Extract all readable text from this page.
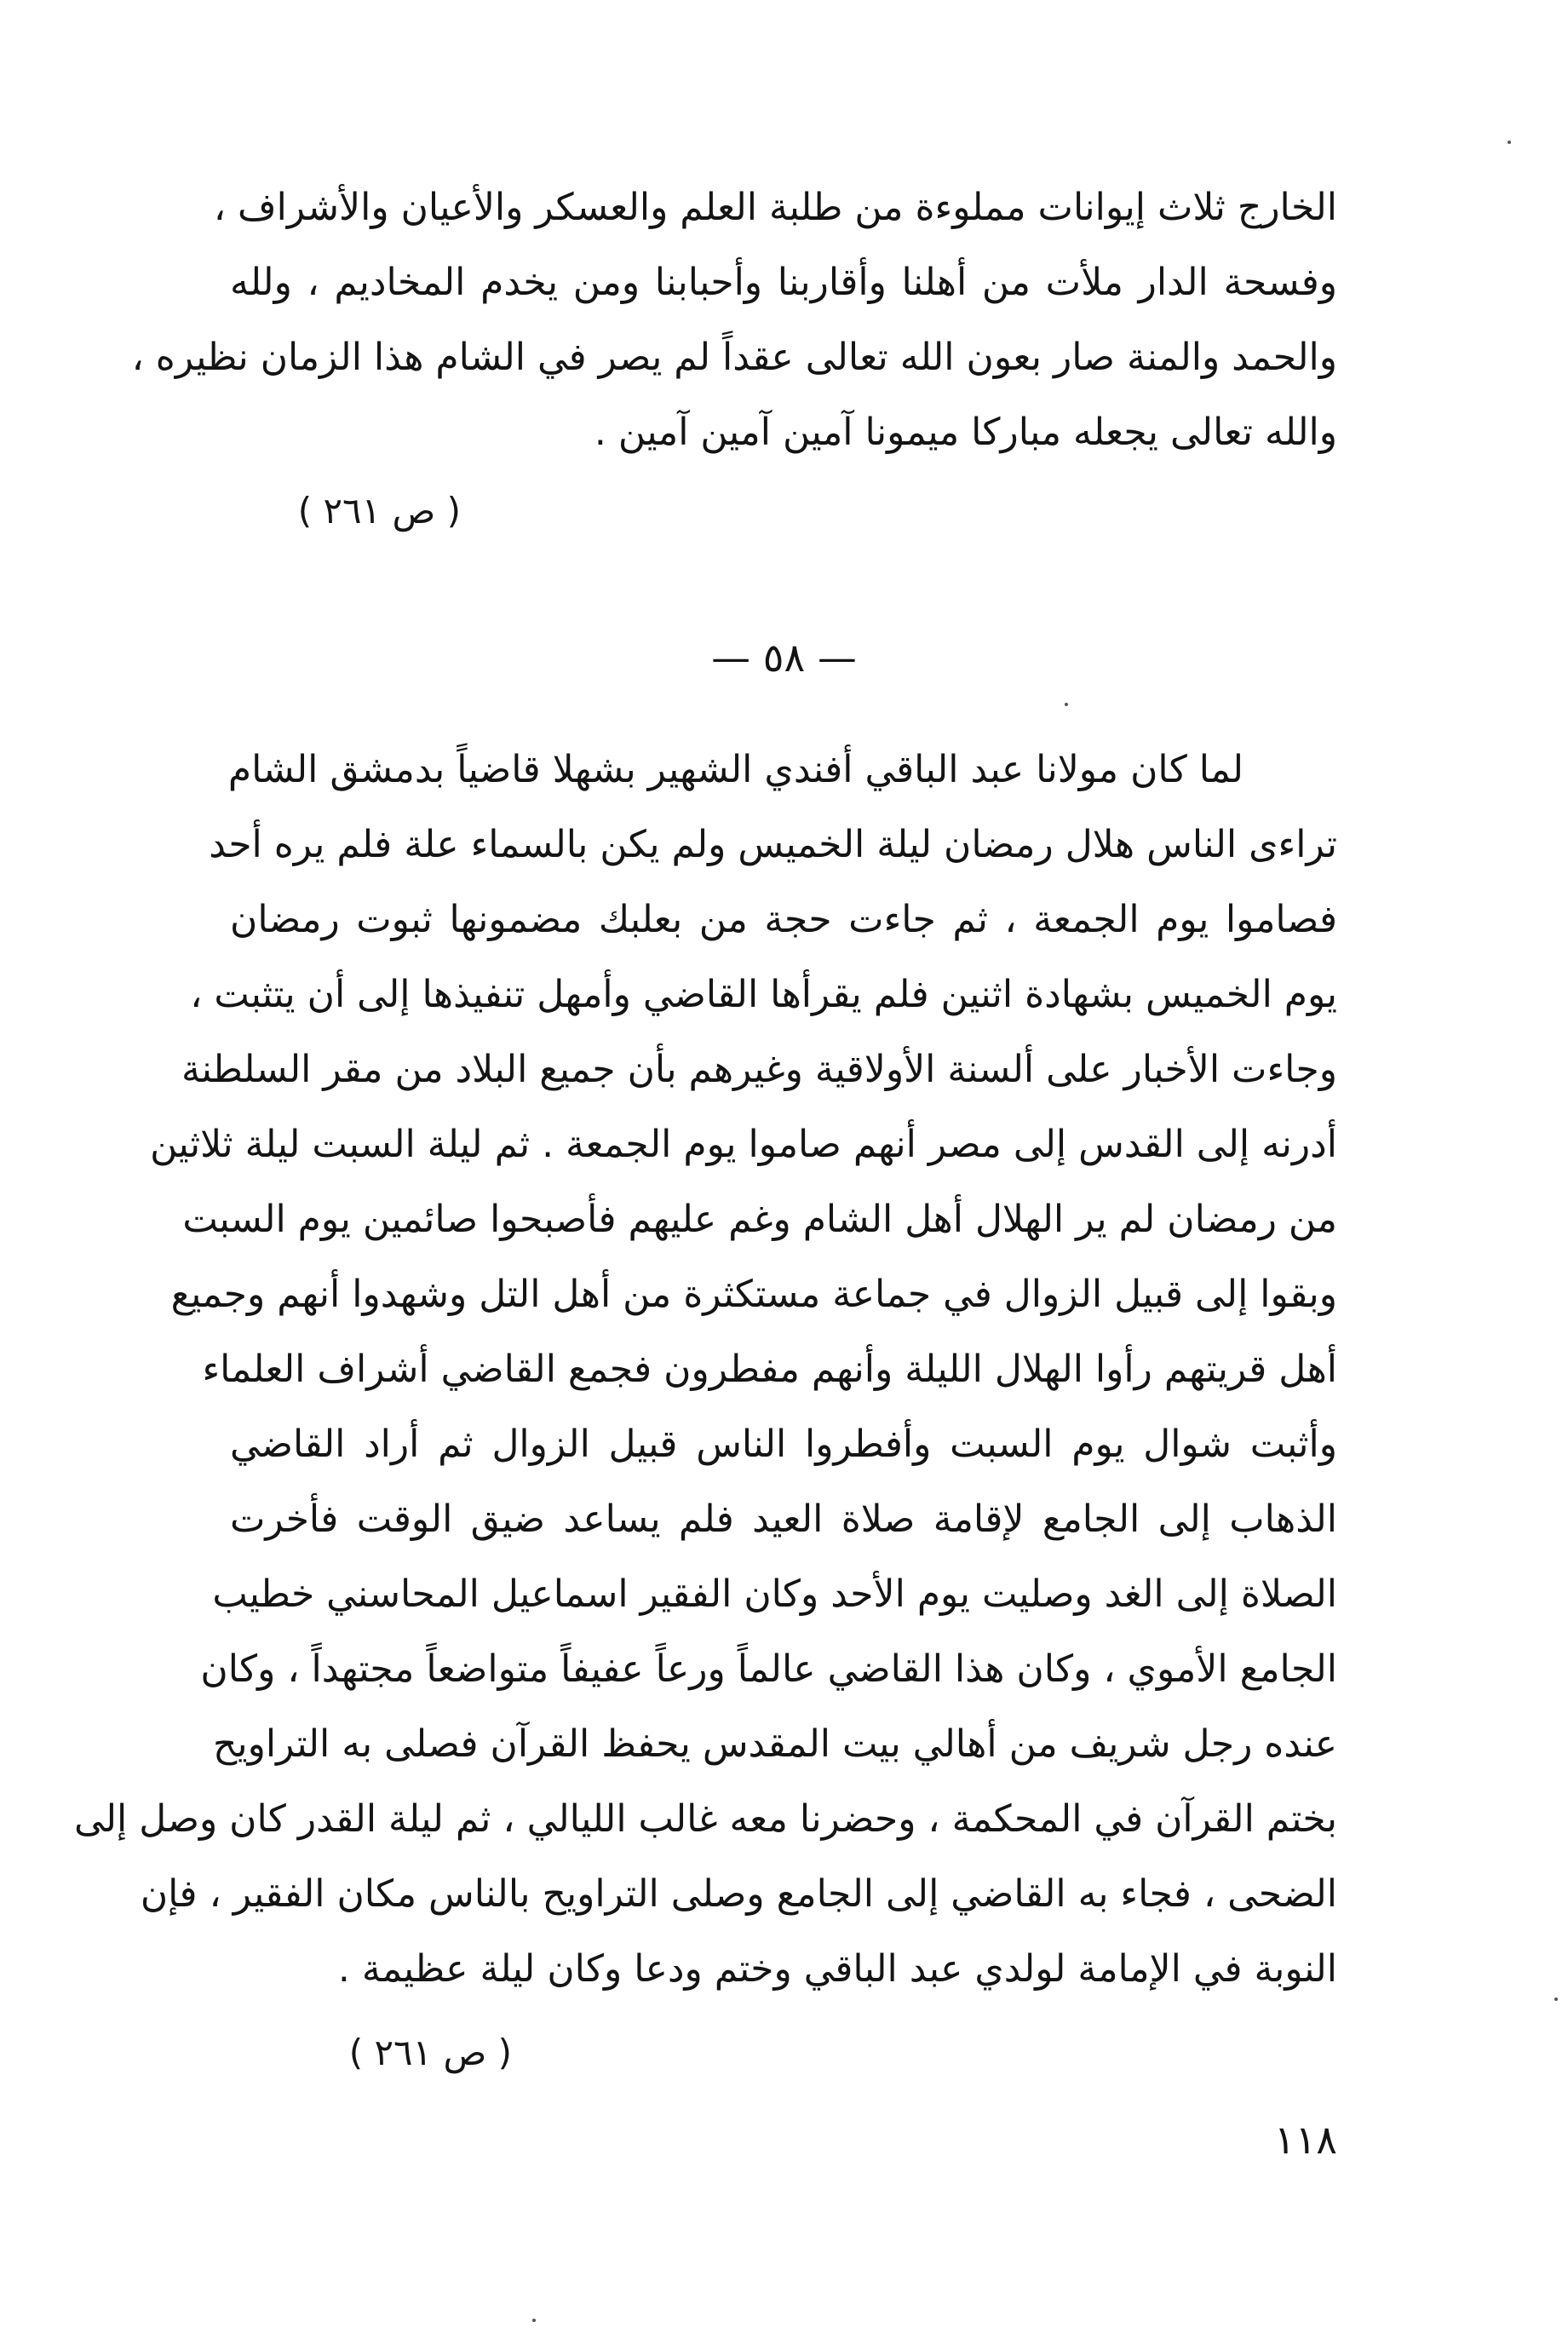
الخارج ثلاث إيوانات مملوءة من طلبة العلم والعسكر والأعيان والأشراف ،
وفسحة الدار ملأت من أهلنا وأقاربنا وأحبابنا ومن يخدم المخاديم ، ولله
والحمد والمنة صار بعون الله تعالى عقداً لم يصر في الشام هذا الزمان نظيره ،
والله تعالى يجعله مباركا ميمونا آمين آمين آمين .
( ص ٢٦١ )
— ٥٨ —
لما كان مولانا عبد الباقي أفندي الشهير بشهلا قاضياً بدمشق الشام
تراءى الناس هلال رمضان ليلة الخميس ولم يكن بالسماء علة فلم يره أحد
فصاموا يوم الجمعة ، ثم جاءت حجة من بعلبك مضمونها ثبوت رمضان
يوم الخميس بشهادة اثنين فلم يقرأها القاضي وأمهل تنفيذها إلى أن يتثبت ،
وجاءت الأخبار على ألسنة الأولاقية وغيرهم بأن جميع البلاد من مقر السلطنة
أدرنه إلى القدس إلى مصر أنهم صاموا يوم الجمعة . ثم ليلة السبت ليلة ثلاثين
من رمضان لم ير الهلال أهل الشام وغم عليهم فأصبحوا صائمين يوم السبت
وبقوا إلى قبيل الزوال في جماعة مستكثرة من أهل التل وشهدوا أنهم وجميع
أهل قريتهم رأوا الهلال الليلة وأنهم مفطرون فجمع القاضي أشراف العلماء
وأثبت شوال يوم السبت وأفطروا الناس قبيل الزوال ثم أراد القاضي
الذهاب إلى الجامع لإقامة صلاة العيد فلم يساعد ضيق الوقت فأخرت
الصلاة إلى الغد وصليت يوم الأحد وكان الفقير اسماعيل المحاسني خطيب
الجامع الأموي ، وكان هذا القاضي عالماً ورعاً عفيفاً متواضعاً مجتهداً ، وكان
عنده رجل شريف من أهالي بيت المقدس يحفظ القرآن فصلى به التراويح
بختم القرآن في المحكمة ، وحضرنا معه غالب الليالي ، ثم ليلة القدر كان وصل إلى
الضحى ، فجاء به القاضي إلى الجامع وصلى التراويح بالناس مكان الفقير ، فإن
النوبة في الإمامة لولدي عبد الباقي وختم ودعا وكان ليلة عظيمة .
( ص ٢٦١ )
١١٨
